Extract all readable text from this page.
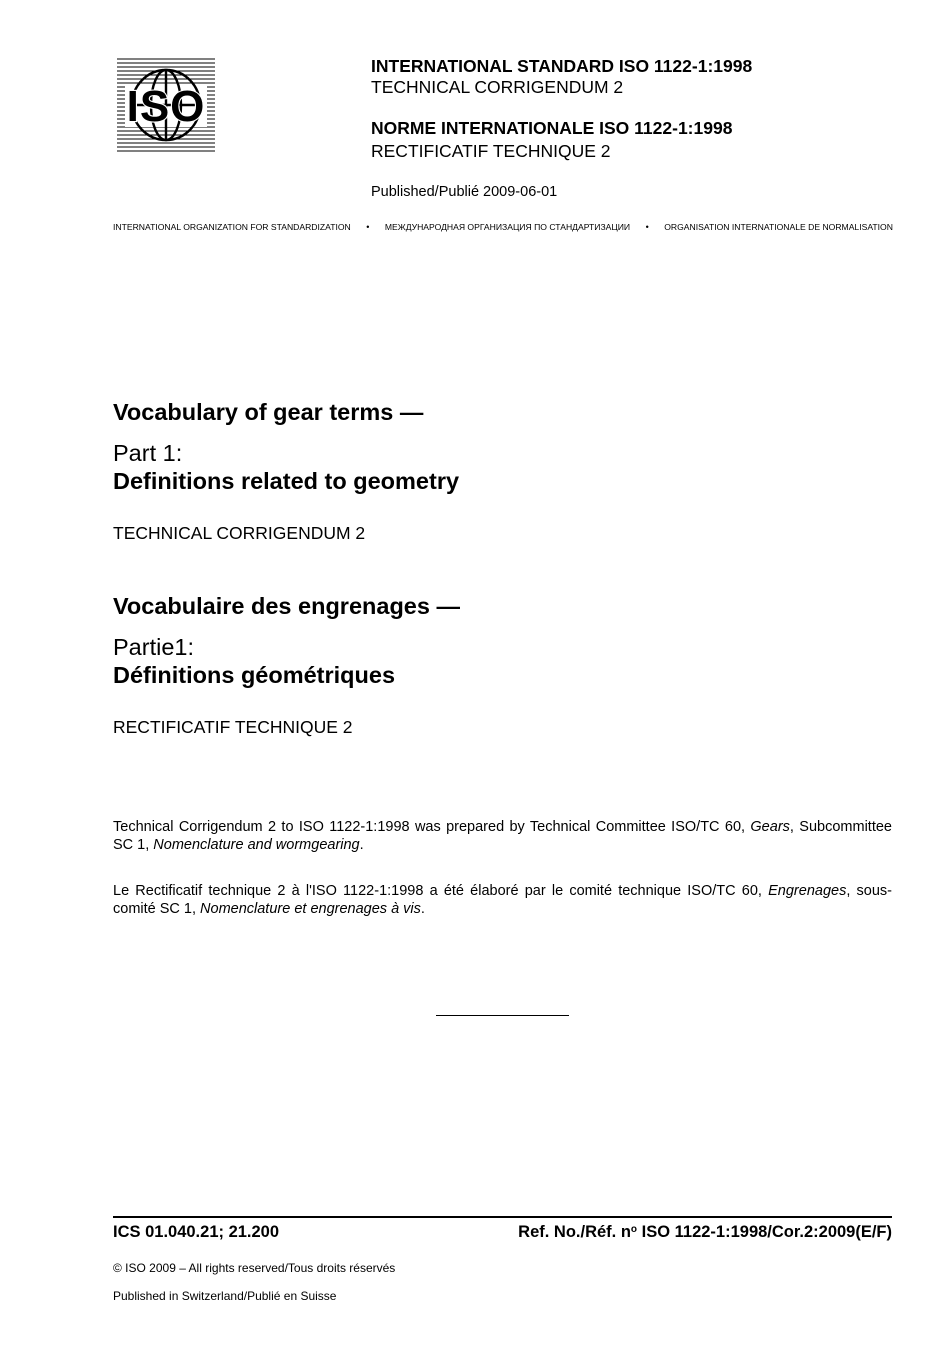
ISO
INTERNATIONAL STANDARD ISO 1122-1:1998
TECHNICAL CORRIGENDUM 2
NORME INTERNATIONALE ISO 1122-1:1998
RECTIFICATIF TECHNIQUE 2
Published/Publié 2009-06-01
INTERNATIONAL ORGANIZATION FOR STANDARDIZATION • МЕЖДУНАРОДНАЯ ОРГАНИЗАЦИЯ ПО СТАНДАРТИЗАЦИИ • ORGANISATION INTERNATIONALE DE NORMALISATION
Vocabulary of gear terms —
Part 1:
Definitions related to geometry
TECHNICAL CORRIGENDUM 2
Vocabulaire des engrenages —
Partie1:
Définitions géométriques
RECTIFICATIF TECHNIQUE 2
Technical Corrigendum 2 to ISO 1122-1:1998 was prepared by Technical Committee ISO/TC 60, Gears, Subcommittee SC 1, Nomenclature and wormgearing.
Le Rectificatif technique 2 à l'ISO 1122-1:1998 a été élaboré par le comité technique ISO/TC 60, Engrenages, sous-comité SC 1, Nomenclature et engrenages à vis.
ICS 01.040.21; 21.200	Ref. No./Réf. $n^o$ ISO 1122-1:1998/Cor.2:2009(E/F)
© ISO 2009 – All rights reserved/Tous droits réservés
Published in Switzerland/Publié en Suisse
